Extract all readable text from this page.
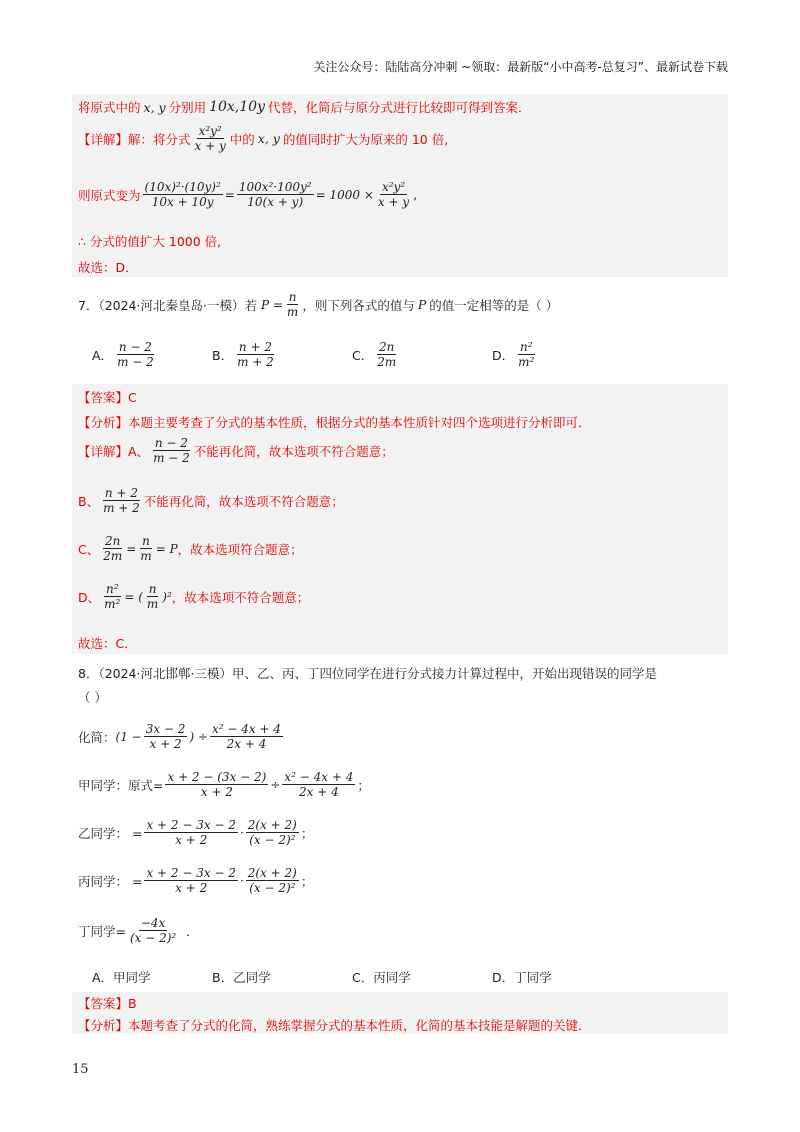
关注公众号：陆陆高分冲刺 ~领取：最新版“小中高考-总复习”、最新试卷下载
将原式中的 x, y 分别用 10x,10y 代替，化简后与原分式进行比较即可得到答案．
【详解】 解：将分式 $\frac{\text{x²y²}}{x + y}$ 中的 x, y 的值同时扩大为原来的 10 倍,
则原式变为 $\frac{\text{(10x)²·(10y)²}}{10x + 10y} = \frac{\text{100x²·100y²}}{10(x + y)} = 1000 \times \frac{\text{x²y²}}{x + y}$ ,
∴ 分式的值扩大 1000 倍,
故选：D．
7．（2024·河北秦皇岛·一模）若 $P = \frac{n}{m}$ ，则下列各式的值与 P 的值一定相等的是（ ）
A． $\frac{n - 2}{m - 2}$	B． $\frac{n + 2}{m + 2}$	C． $\frac{2n}{2m}$	D． $\frac{\text{n²}}{\text{m²}}$
【答案】C
【分析】本题主要考查了分式的基本性质，根据分式的基本性质针对四个选项进行分析即可．
【详解】A、 $\frac{n - 2}{m - 2}$ 不能再化简，故本选项不符合题意；
B、 $\frac{n + 2}{m + 2}$ 不能再化简，故本选项不符合题意；
C、 $\frac{2n}{2m} = \frac{n}{m} = P$ ，故本选项符合题意；
D、 $\frac{\text{n²}}{\text{m²}}$ = ( $\frac{n}{m} )^2$ ，故本选项不符合题意；
故选：C．
8．（2024·河北邯郸·三模）甲、乙、丙、丁四位同学在进行分式接力计算过程中，开始出现错误的同学是
（ ）
化简： ($1 - \frac{3x - 2}{x + 2}$ ) ÷ $\frac{\text{x² − 4x + 4}}{2x + 4}$
甲同学：原式= $\frac{x + 2 - (3x - 2)}{x + 2} \div \frac{\text{x² − 4x + 4}}{2x + 4}$ ；
乙同学： = $\frac{x + 2 - 3x - 2}{x + 2} \cdot \frac{2(x + 2)}{\text{(x − 2)²}}$ ；
丙同学： = $\frac{x + 2 - 3x - 2}{x + 2} \cdot \frac{2(x + 2)}{\text{(x − 2)²}}$ ；
丁同学= $\frac{-4x}{\text{(x − 2)²}}$ ．
A．甲同学	B．乙同学	C．丙同学	D．丁同学
【答案】B
【分析】本题考查了分式的化简，熟练掌握分式的基本性质，化简的基本技能是解题的关键．
15
